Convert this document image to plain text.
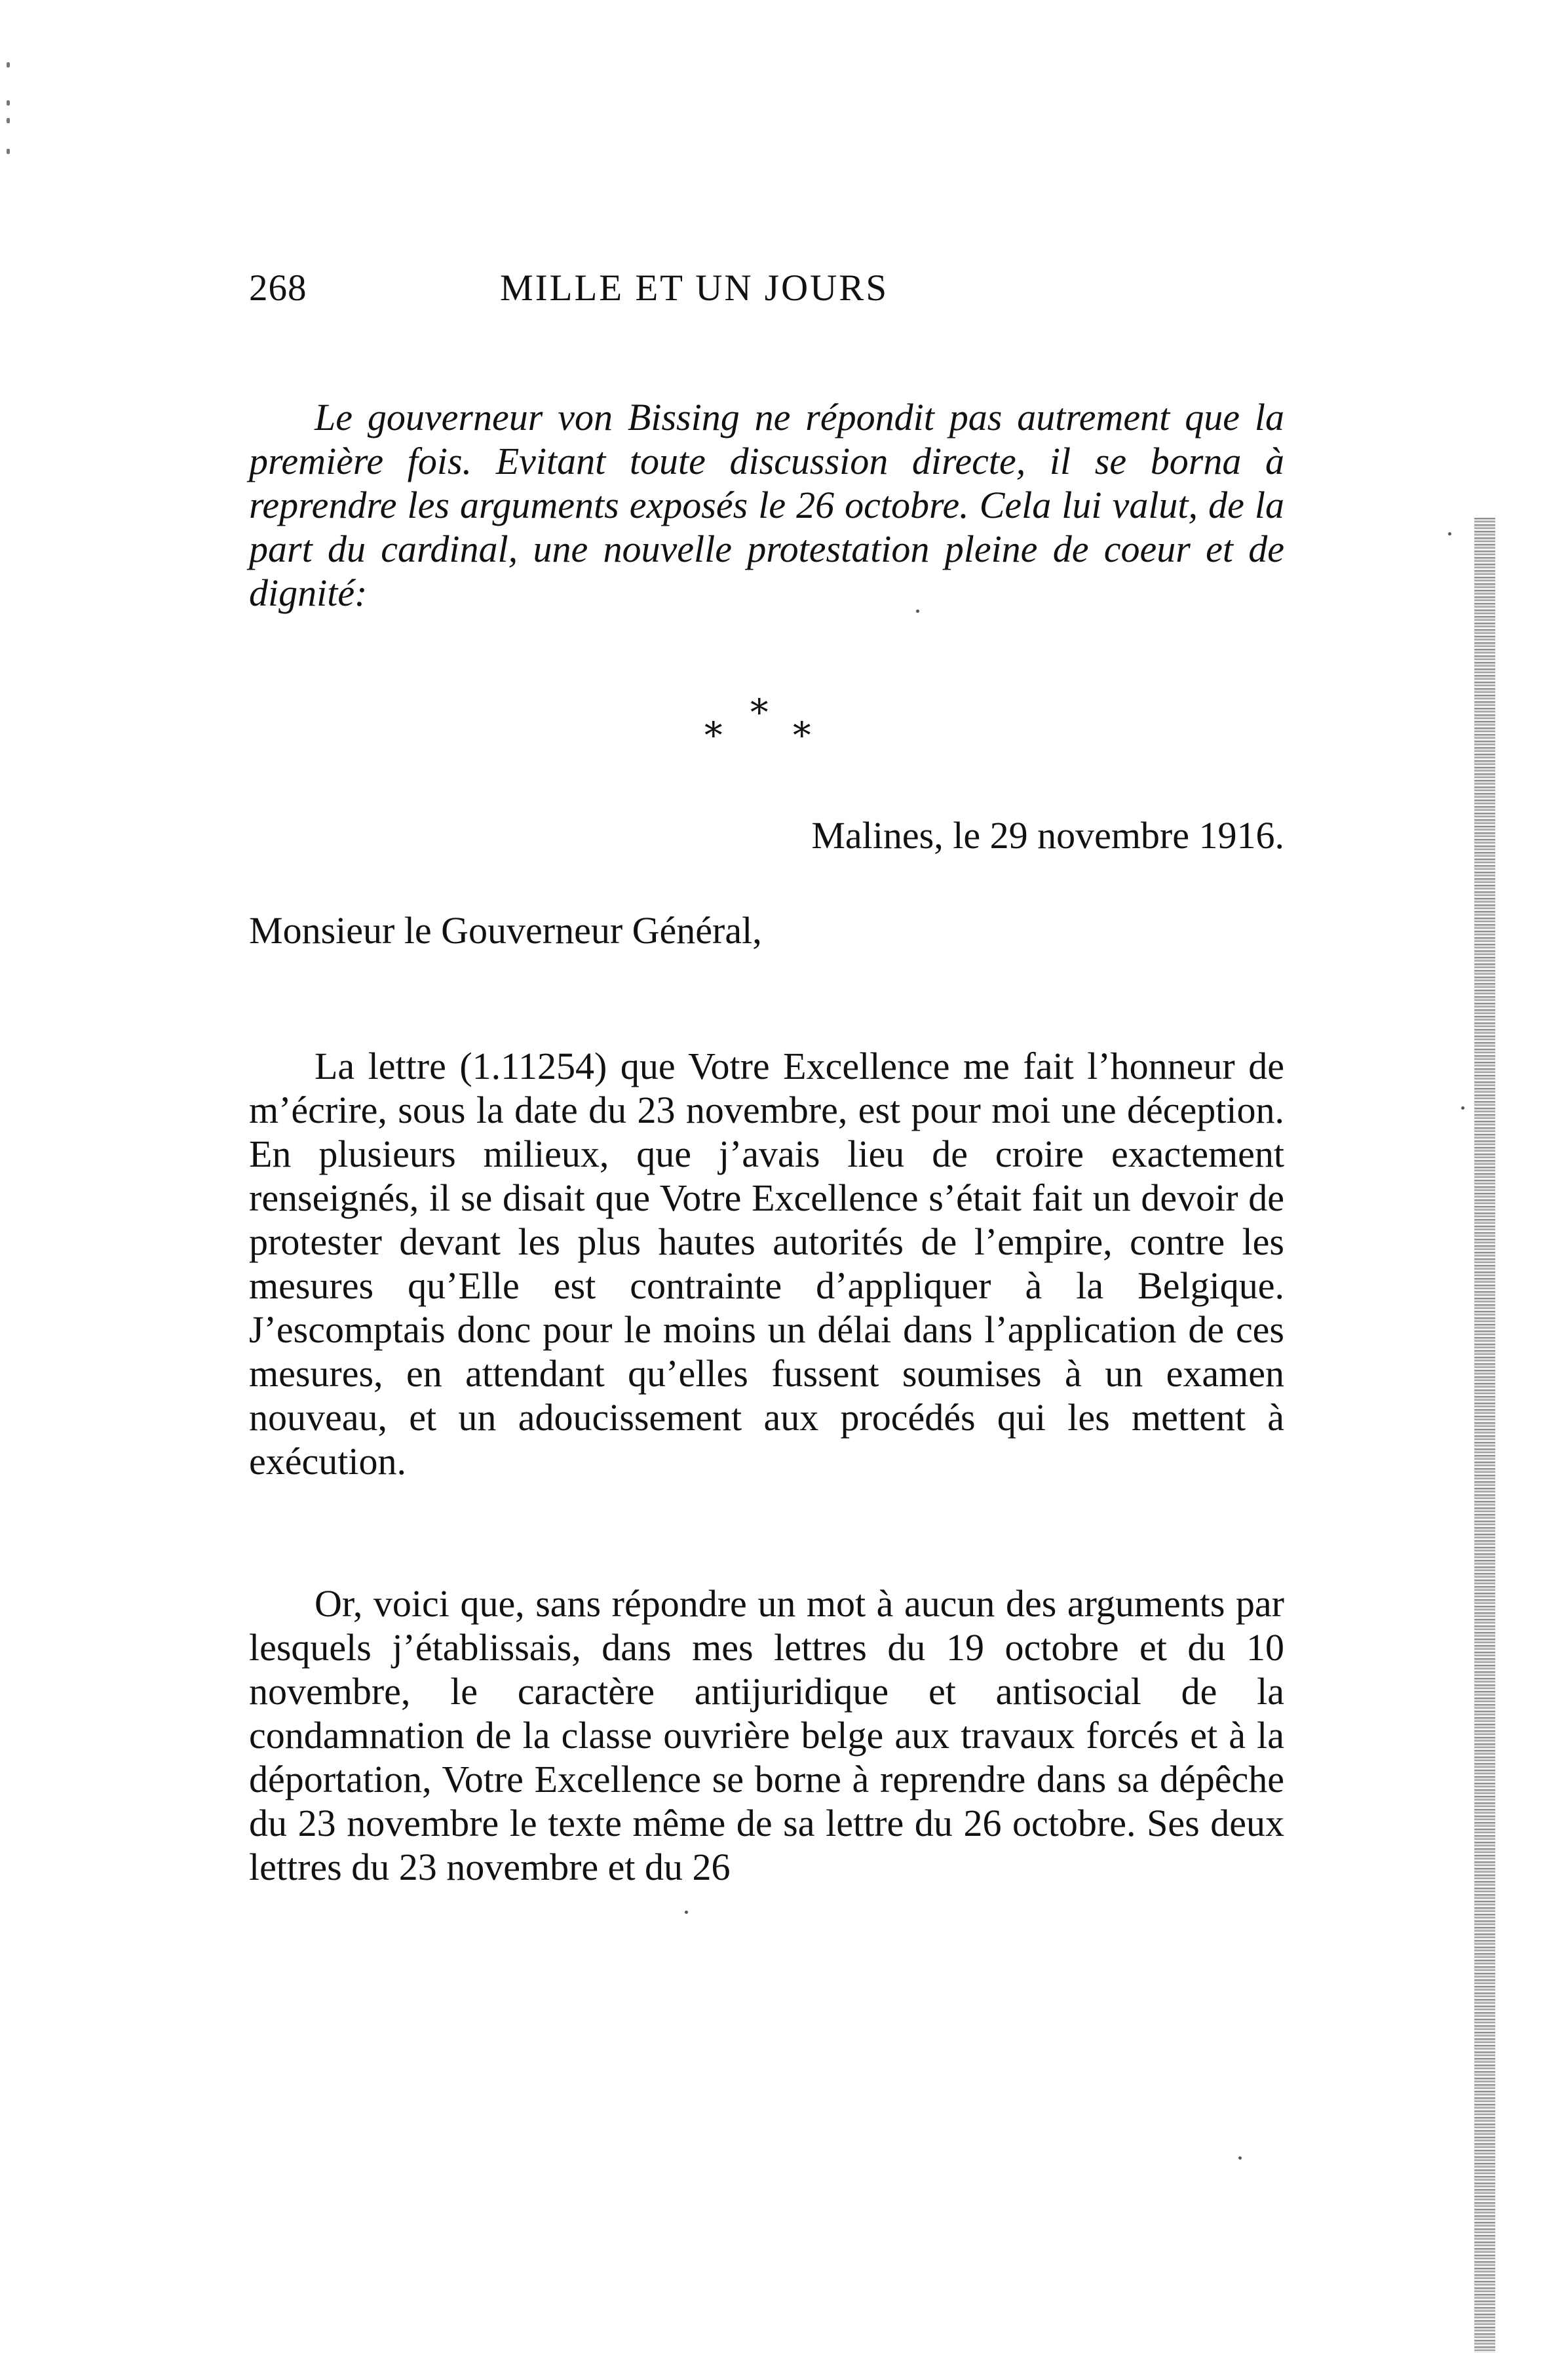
268	MILLE ET UN JOURS

Le gouverneur von Bissing ne répondit pas autrement que la première fois. Evitant toute discussion directe, il se borna à reprendre les arguments exposés le 26 octobre. Cela lui valut, de la part du cardinal, une nouvelle protestation pleine de coeur et de dignité:

*
* *
Malines, le 29 novembre 1916.
Monsieur le Gouverneur Général,

La lettre (1.11254) que Votre Excellence me fait l’honneur de m’écrire, sous la date du 23 novembre, est pour moi une déception. En plusieurs milieux, que j’avais lieu de croire exactement renseignés, il se disait que Votre Excellence s’était fait un devoir de protester devant les plus hautes autorités de l’empire, contre les mesures qu’Elle est contrainte d’appliquer à la Belgique. J’escomptais donc pour le moins un délai dans l’application de ces mesures, en attendant qu’elles fussent soumises à un examen nouveau, et un adoucissement aux procédés qui les mettent à exécution.

Or, voici que, sans répondre un mot à aucun des arguments par lesquels j’établissais, dans mes lettres du 19 octobre et du 10 novembre, le caractère antijuridique et antisocial de la condamnation de la classe ouvrière belge aux travaux forcés et à la déportation, Votre Excellence se borne à reprendre dans sa dépêche du 23 novembre le texte même de sa lettre du 26 octobre. Ses deux lettres du 23 novembre et du 26
